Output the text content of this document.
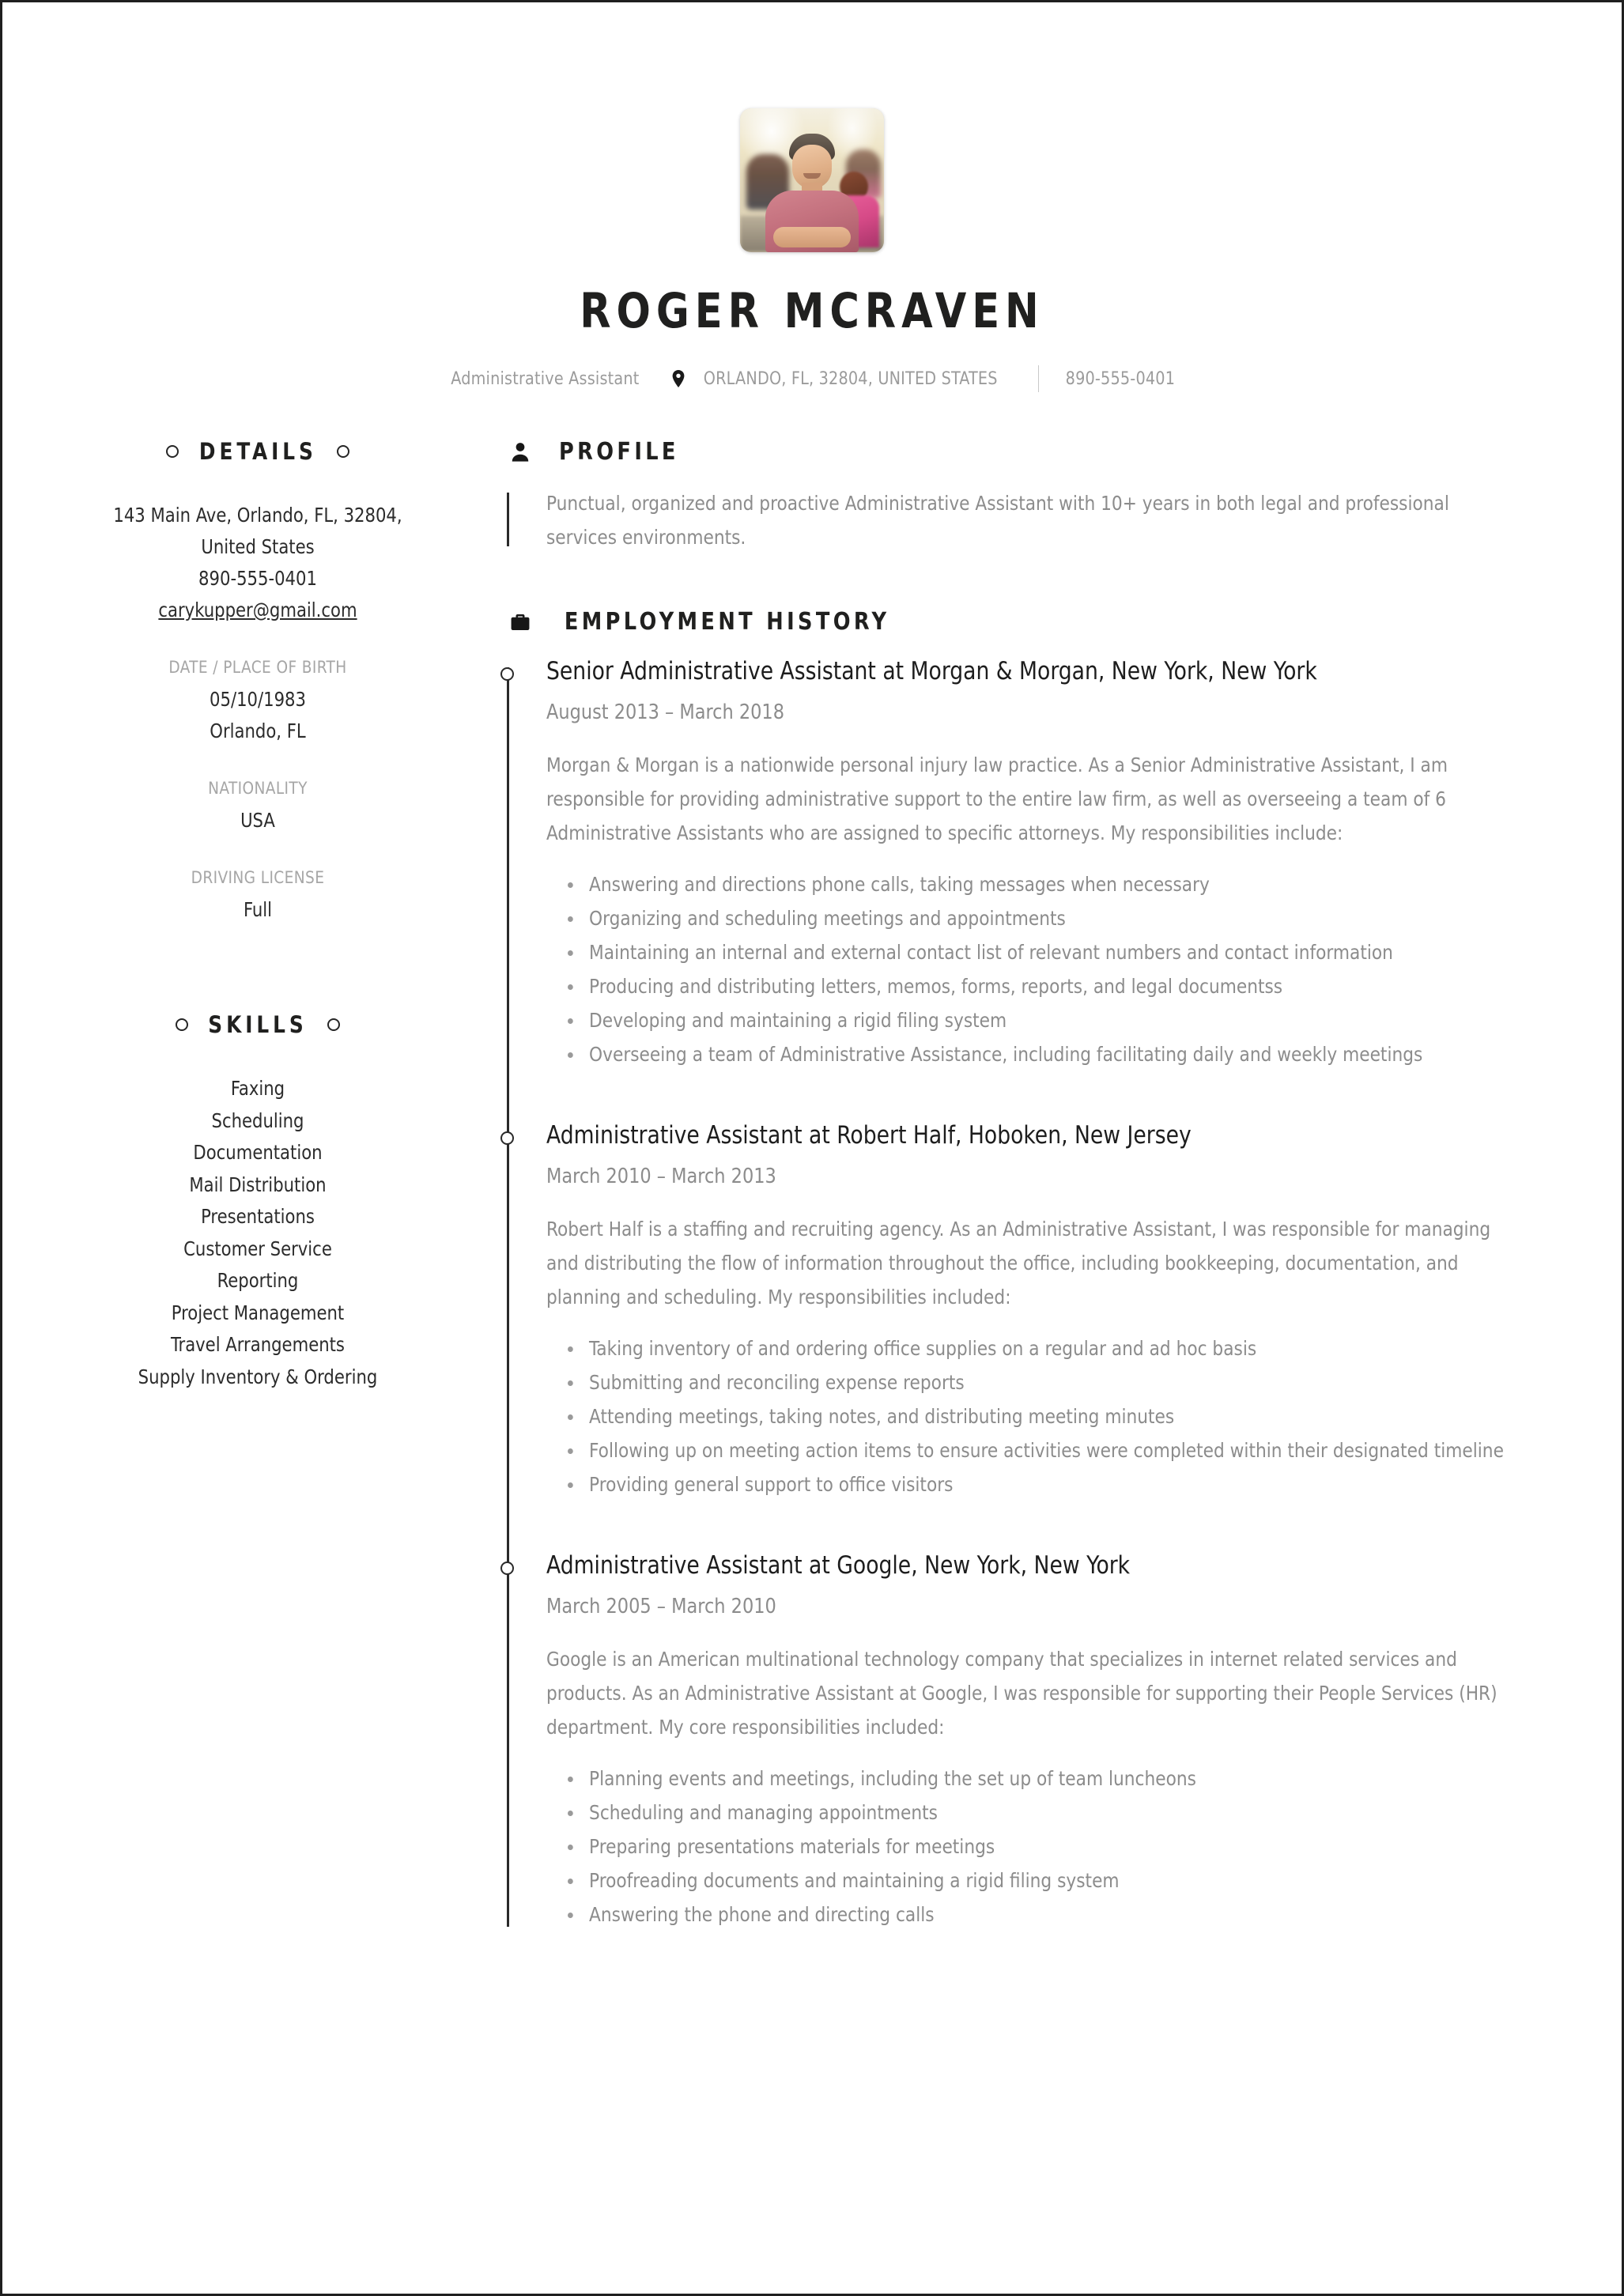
ROGER MCRAVEN
Administrative Assistant	ORLANDO, FL, 32804, UNITED STATES	890-555-0401
DETAILS
143 Main Ave, Orlando, FL, 32804,
United States
890-555-0401
carykupper@gmail.com
DATE / PLACE OF BIRTH
05/10/1983
Orlando, FL
NATIONALITY
USA
DRIVING LICENSE
Full
SKILLS
Faxing
Scheduling
Documentation
Mail Distribution
Presentations
Customer Service
Reporting
Project Management
Travel Arrangements
Supply Inventory & Ordering
PROFILE
Punctual, organized and proactive Administrative Assistant with 10+ years in both legal and professional services environments.
EMPLOYMENT HISTORY
Senior Administrative Assistant at Morgan & Morgan, New York, New York
August 2013 – March 2018
Morgan & Morgan is a nationwide personal injury law practice. As a Senior Administrative Assistant, I am responsible for providing administrative support to the entire law firm, as well as overseeing a team of 6 Administrative Assistants who are assigned to specific attorneys. My responsibilities include:
Answering and directions phone calls, taking messages when necessary
Organizing and scheduling meetings and appointments
Maintaining an internal and external contact list of relevant numbers and contact information
Producing and distributing letters, memos, forms, reports, and legal documentss
Developing and maintaining a rigid filing system
Overseeing a team of Administrative Assistance, including facilitating daily and weekly meetings
Administrative Assistant at Robert Half, Hoboken, New Jersey
March 2010 – March 2013
Robert Half is a staffing and recruiting agency. As an Administrative Assistant, I was responsible for managing and distributing the flow of information throughout the office, including bookkeeping, documentation, and planning and scheduling. My responsibilities included:
Taking inventory of and ordering office supplies on a regular and ad hoc basis
Submitting and reconciling expense reports
Attending meetings, taking notes, and distributing meeting minutes
Following up on meeting action items to ensure activities were completed within their designated timeline
Providing general support to office visitors
Administrative Assistant at Google, New York, New York
March 2005 – March 2010
Google is an American multinational technology company that specializes in internet related services and products. As an Administrative Assistant at Google, I was responsible for supporting their People Services (HR) department. My core responsibilities included:
Planning events and meetings, including the set up of team luncheons
Scheduling and managing appointments
Preparing presentations materials for meetings
Proofreading documents and maintaining a rigid filing system
Answering the phone and directing calls
